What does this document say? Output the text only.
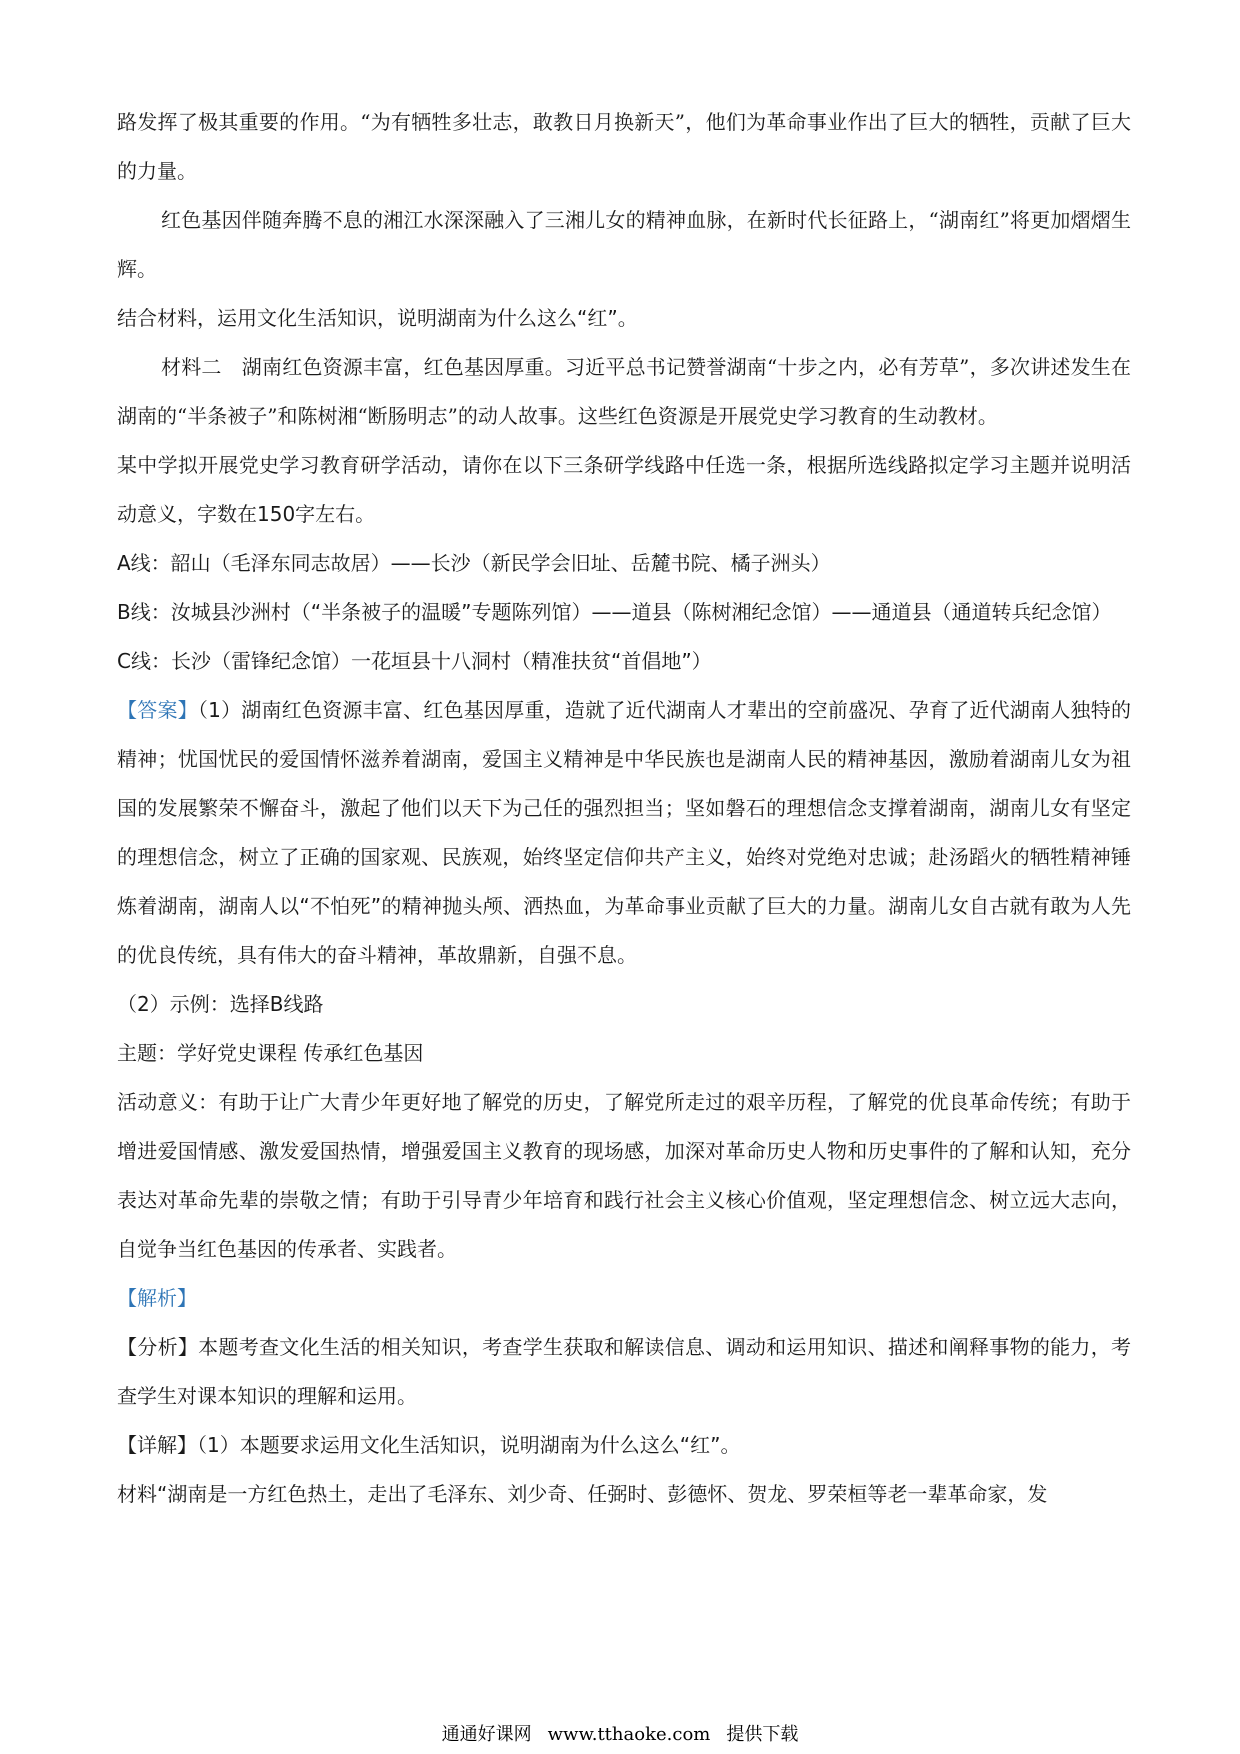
路发挥了极其重要的作用。“为有牺牲多壮志，敢教日月换新天”，他们为革命事业作出了巨大的牺牲，贡献了巨大的力量。

红色基因伴随奔腾不息的湘江水深深融入了三湘儿女的精神血脉，在新时代长征路上，“湖南红”将更加熠熠生辉。

结合材料，运用文化生活知识，说明湖南为什么这么“红”。

材料二　湖南红色资源丰富，红色基因厚重。习近平总书记赞誉湖南“十步之内，必有芳草”，多次讲述发生在湖南的“半条被子”和陈树湘“断肠明志”的动人故事。这些红色资源是开展党史学习教育的生动教材。

某中学拟开展党史学习教育研学活动，请你在以下三条研学线路中任选一条，根据所选线路拟定学习主题并说明活动意义，字数在150字左右。

A线：韶山（毛泽东同志故居）——长沙（新民学会旧址、岳麓书院、橘子洲头）

B线：汝城县沙洲村（“半条被子的温暖”专题陈列馆）——道县（陈树湘纪念馆）——通道县（通道转兵纪念馆）

C线：长沙（雷锋纪念馆）一花垣县十八洞村（精准扶贫“首倡地”）

【答案】（1）湖南红色资源丰富、红色基因厚重，造就了近代湖南人才辈出的空前盛况、孕育了近代湖南人独特的精神；忧国忧民的爱国情怀滋养着湖南，爱国主义精神是中华民族也是湖南人民的精神基因，激励着湖南儿女为祖国的发展繁荣不懈奋斗，激起了他们以天下为己任的强烈担当；坚如磐石的理想信念支撑着湖南，湖南儿女有坚定的理想信念，树立了正确的国家观、民族观，始终坚定信仰共产主义，始终对党绝对忠诚；赴汤蹈火的牺牲精神锤炼着湖南，湖南人以“不怕死”的精神抛头颅、洒热血，为革命事业贡献了巨大的力量。湖南儿女自古就有敢为人先的优良传统，具有伟大的奋斗精神，革故鼎新，自强不息。

（2）示例：选择B线路

主题：学好党史课程 传承红色基因

活动意义：有助于让广大青少年更好地了解党的历史，了解党所走过的艰辛历程，了解党的优良革命传统；有助于增进爱国情感、激发爱国热情，增强爱国主义教育的现场感，加深对革命历史人物和历史事件的了解和认知，充分表达对革命先辈的崇敬之情；有助于引导青少年培育和践行社会主义核心价值观，坚定理想信念、树立远大志向，自觉争当红色基因的传承者、实践者。

【解析】

【分析】本题考查文化生活的相关知识，考查学生获取和解读信息、调动和运用知识、描述和阐释事物的能力，考查学生对课本知识的理解和运用。

【详解】（1）本题要求运用文化生活知识，说明湖南为什么这么“红”。

材料“湖南是一方红色热土，走出了毛泽东、刘少奇、任弼时、彭德怀、贺龙、罗荣桓等老一辈革命家，发

通通好课网 www.tthaoke.com 提供下载
